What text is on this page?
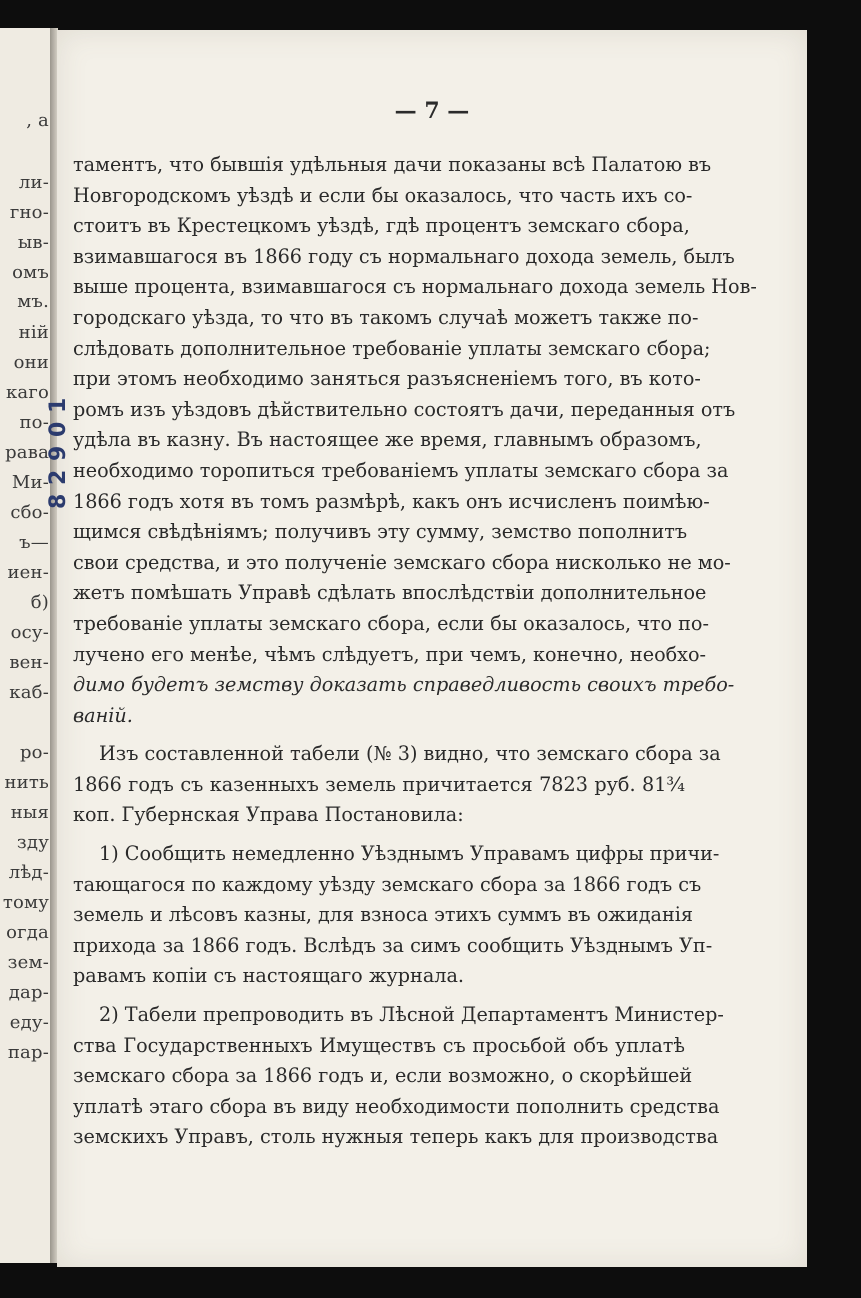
, а
ли-
гно-
ыв-
омъ
мъ.
ній
они
каго
по-
рава
Ми-
сбо-
ъ—
иен-
б)
осу-
вен-
каб-
ро-
нить
ныя
зду
лѣд-
тому
огда
зем-
дар-
еду-
пар-
— 7 —
таментъ, что бывшія удѣльныя дачи показаны всѣ Палатою въ
Новгородскомъ уѣздѣ и если бы оказалось, что часть ихъ со-
стоитъ въ Крестецкомъ уѣздѣ, гдѣ процентъ земскаго сбора,
взимавшагося въ 1866 году съ нормальнаго дохода земель, былъ
выше процента, взимавшагося съ нормальнаго дохода земель Нов-
городскаго уѣзда, то что въ такомъ случаѣ можетъ также по-
слѣдовать дополнительное требованіе уплаты земскаго сбора;
при этомъ необходимо заняться разъясненіемъ того, въ кото-
ромъ изъ уѣздовъ дѣйствительно состоятъ дачи, переданныя отъ
удѣла въ казну. Въ настоящее же время, главнымъ образомъ,
необходимо торопиться требованіемъ уплаты земскаго сбора за
1866 годъ хотя въ томъ размѣрѣ, какъ онъ исчисленъ поимѣю-
щимся свѣдѣніямъ; получивъ эту сумму, земство пополнитъ
свои средства, и это полученіе земскаго сбора нисколько не мо-
жетъ помѣшать Управѣ сдѣлать впослѣдствіи дополнительное
требованіе уплаты земскаго сбора, если бы оказалось, что по-
лучено его менѣе, чѣмъ слѣдуетъ, при чемъ, конечно, необхо-
димо будетъ земству доказать справедливость своихъ требо-
ваній.
Изъ составленной табели (№ 3) видно, что земскаго сбора за
1866 годъ съ казенныхъ земель причитается 7823 руб. 81¾
коп. Губернская Управа Постановила:
1) Сообщить немедленно Уѣзднымъ Управамъ цифры причи-
тающагося по каждому уѣзду земскаго сбора за 1866 годъ съ
земель и лѣсовъ казны, для взноса этихъ суммъ въ ожиданія
прихода за 1866 годъ. Вслѣдъ за симъ сообщить Уѣзднымъ Уп-
равамъ копіи съ настоящаго журнала.
2) Табели препроводить въ Лѣсной Департаментъ Министер-
ства Государственныхъ Имуществъ съ просьбой объ уплатѣ
земскаго сбора за 1866 годъ и, если возможно, о скорѣйшей
уплатѣ этаго сбора въ виду необходимости пополнить средства
земскихъ Управъ, столь нужныя теперь какъ для производства
1
0
9
2
8
